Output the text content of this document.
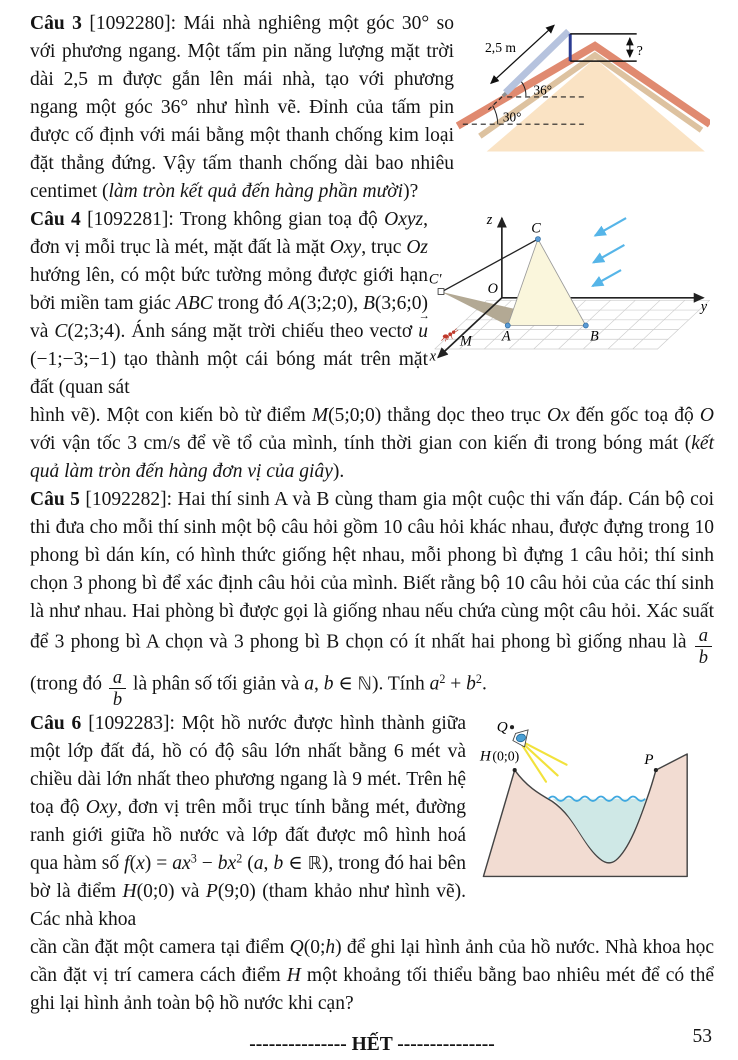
Câu 3 [1092280]: Mái nhà nghiêng một góc 30° so với phương ngang. Một tấm pin năng lượng mặt trời dài 2,5 m được gắn lên mái nhà, tạo với phương ngang một góc 36° như hình vẽ. Đỉnh của tấm pin được cố định với mái bằng một thanh chống kim loại đặt thẳng đứng. Vậy tấm thanh chống dài bao nhiêu centimet (làm tròn kết quả đến hàng phần mười)?

2,5 m	?
36°
30°

Câu 4 [1092281]: Trong không gian toạ độ Oxyz, đơn vị mỗi trục là mét, mặt đất là mặt Oxy, trục Oz hướng lên, có một bức tường mỏng được giới hạn bởi miền tam giác ABC trong đó A(3;2;0), B(3;6;0) và C(2;3;4). Ánh sáng mặt trời chiếu theo vectơ u →(−1;−3;−1) tạo thành một cái bóng mát trên mặt đất (quan sát

z
C
C′
O
y
A	B
M
x

hình vẽ). Một con kiến bò từ điểm M(5;0;0) thẳng dọc theo trục Ox đến gốc toạ độ O với vận tốc 3 cm/s để về tổ của mình, tính thời gian con kiến đi trong bóng mát (kết quả làm tròn đến hàng đơn vị của giây).

Câu 5 [1092282]: Hai thí sinh A và B cùng tham gia một cuộc thi vấn đáp. Cán bộ coi thi đưa cho mỗi thí sinh một bộ câu hỏi gồm 10 câu hỏi khác nhau, được đựng trong 10 phong bì dán kín, có hình thức giống hệt nhau, mỗi phong bì đựng 1 câu hỏi; thí sinh chọn 3 phong bì để xác định câu hỏi của mình. Biết rằng bộ 10 câu hỏi của các thí sinh là như nhau. Hai phòng bì được gọi là giống nhau nếu chứa cùng một câu hỏi. Xác suất để 3 phong bì A chọn và 3 phong bì B chọn có ít nhất hai phong bì giống nhau là $\frac{a}{b}$
(trong đó $\frac{a}{b}$ là phân số tối giản và a, b ∈ ℕ). Tính $a^2 + b^2$.

Câu 6 [1092283]: Một hồ nước được hình thành giữa một lớp đất đá, hồ có độ sâu lớn nhất bằng 6 mét và chiều dài lớn nhất theo phương ngang là 9 mét. Trên hệ toạ độ Oxy, đơn vị trên mỗi trục tính bằng mét, đường ranh giới giữa hồ nước và lớp đất được mô hình hoá qua hàm số $f(x) = ax^3 - bx^2$ (a, b ∈ ℝ), trong đó hai bên bờ là điểm H(0;0) và P(9;0) (tham khảo như hình vẽ). Các nhà khoa

Q
H (0;0)	P

cần cần đặt một camera tại điểm Q(0;h) để ghi lại hình ảnh của hồ nước. Nhà khoa học cần đặt vị trí camera cách điểm H một khoảng tối thiểu bằng bao nhiêu mét để có thể ghi lại hình ảnh toàn bộ hồ nước khi cạn?

--------------- HẾT ---------------	53
